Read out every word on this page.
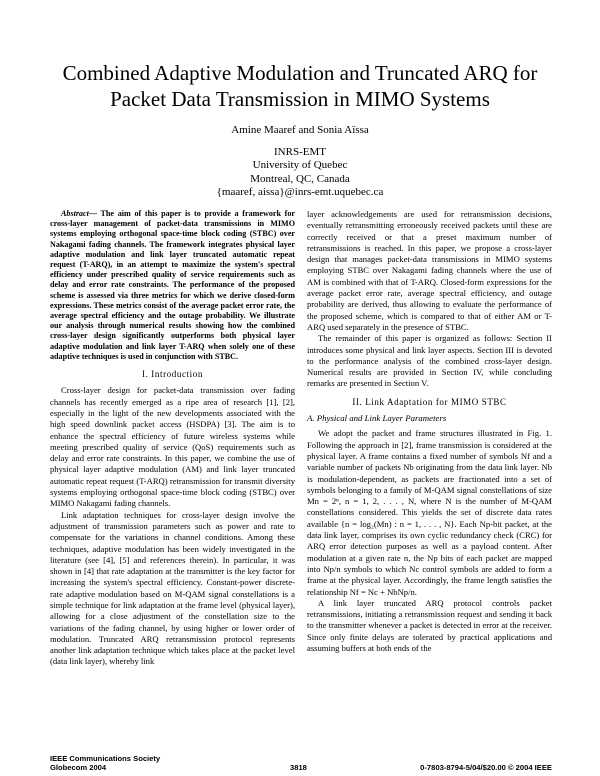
Combined Adaptive Modulation and Truncated ARQ for
Packet Data Transmission in MIMO Systems
Amine Maaref and Sonia Aïssa
INRS-EMT
University of Quebec
Montreal, QC, Canada
{maaref, aissa}@inrs-emt.uquebec.ca

Abstract— The aim of this paper is to provide a framework for cross-layer management of packet-data transmissions in MIMO systems employing orthogonal space-time block coding (STBC) over Nakagami fading channels. The framework integrates physical layer adaptive modulation and link layer truncated automatic repeat request (T-ARQ), in an attempt to maximize the system's spectral efficiency under prescribed quality of service requirements such as delay and error rate constraints. The performance of the proposed scheme is assessed via three metrics for which we derive closed-form expressions. These metrics consist of the average packet error rate, the average spectral efficiency and the outage probability. We illustrate our analysis through numerical results showing how the combined cross-layer design significantly outperforms both physical layer adaptive modulation and link layer T-ARQ when solely one of these adaptive techniques is used in conjunction with STBC.

I. Introduction

Cross-layer design for packet-data transmission over fading channels has recently emerged as a ripe area of research [1], [2], especially in the light of the new developments associated with the high speed downlink packet access (HSDPA) [3]. The aim is to enhance the spectral efficiency of future wireless systems while meeting prescribed quality of service (QoS) requirements such as delay and error rate constraints. In this paper, we combine the use of physical layer adaptive modulation (AM) and link layer truncated automatic repeat request (T-ARQ) retransmission for transmit diversity systems employing orthogonal space-time block coding (STBC) over MIMO Nakagami fading channels.

Link adaptation techniques for cross-layer design involve the adjustment of transmission parameters such as power and rate to compensate for the variations in channel conditions. Among these techniques, adaptive modulation has been widely investigated in the literature (see [4], [5] and references therein). In particular, it was shown in [4] that rate adaptation at the transmitter is the key factor for increasing the system's spectral efficiency. Constant-power discrete-rate adaptive modulation based on M-QAM signal constellations is a simple technique for link adaptation at the frame level (physical layer), allowing for a close adjustment of the constellation size to the variations of the fading channel, by using higher or lower order of modulation. Truncated ARQ retransmission protocol represents another link adaptation technique which takes place at the packet level (data link layer), whereby link

layer acknowledgements are used for retransmission decisions, eventually retransmitting erroneously received packets until these are correctly received or that a preset maximum number of retransmissions is reached. In this paper, we propose a cross-layer design that manages packet-data transmissions in MIMO systems employing STBC over Nakagami fading channels where the use of AM is combined with that of T-ARQ. Closed-form expressions for the average packet error rate, average spectral efficiency, and outage probability are derived, thus allowing to evaluate the performance of the proposed scheme, which is compared to that of either AM or T-ARQ used separately in the presence of STBC.

The remainder of this paper is organized as follows: Section II introduces some physical and link layer aspects. Section III is devoted to the performance analysis of the combined cross-layer design. Numerical results are provided in Section IV, while concluding remarks are presented in Section V.

II. Link Adaptation for MIMO STBC
A. Physical and Link Layer Parameters

We adopt the packet and frame structures illustrated in Fig. 1. Following the approach in [2], frame transmission is considered at the physical layer. A frame contains a fixed number of symbols Nf and a variable number of packets Nb originating from the data link layer. Nb is modulation-dependent, as packets are fractionated into a set of symbols belonging to a family of M-QAM signal constellations of size Mn = 2ⁿ, n = 1, 2, . . . , N, where N is the number of M-QAM constellations considered. This yields the set of discrete data rates available {n = log₂(Mn) : n = 1, . . . , N}. Each Np-bit packet, at the data link layer, comprises its own cyclic redundancy check (CRC) for ARQ error detection purposes as well as a payload content. After modulation at a given rate n, the Np bits of each packet are mapped into Np/n symbols to which Nc control symbols are added to form a frame at the physical layer. Accordingly, the frame length satisfies the relationship Nf = Nc + NbNp/n.

A link layer truncated ARQ protocol controls packet retransmissions, initiating a retransmission request and sending it back to the transmitter whenever a packet is detected in error at the receiver. Since only finite delays are tolerated by practical applications and assuming buffers at both ends of the

IEEE Communications Society
Globecom 2004	3818	0-7803-8794-5/04/$20.00 © 2004 IEEE
